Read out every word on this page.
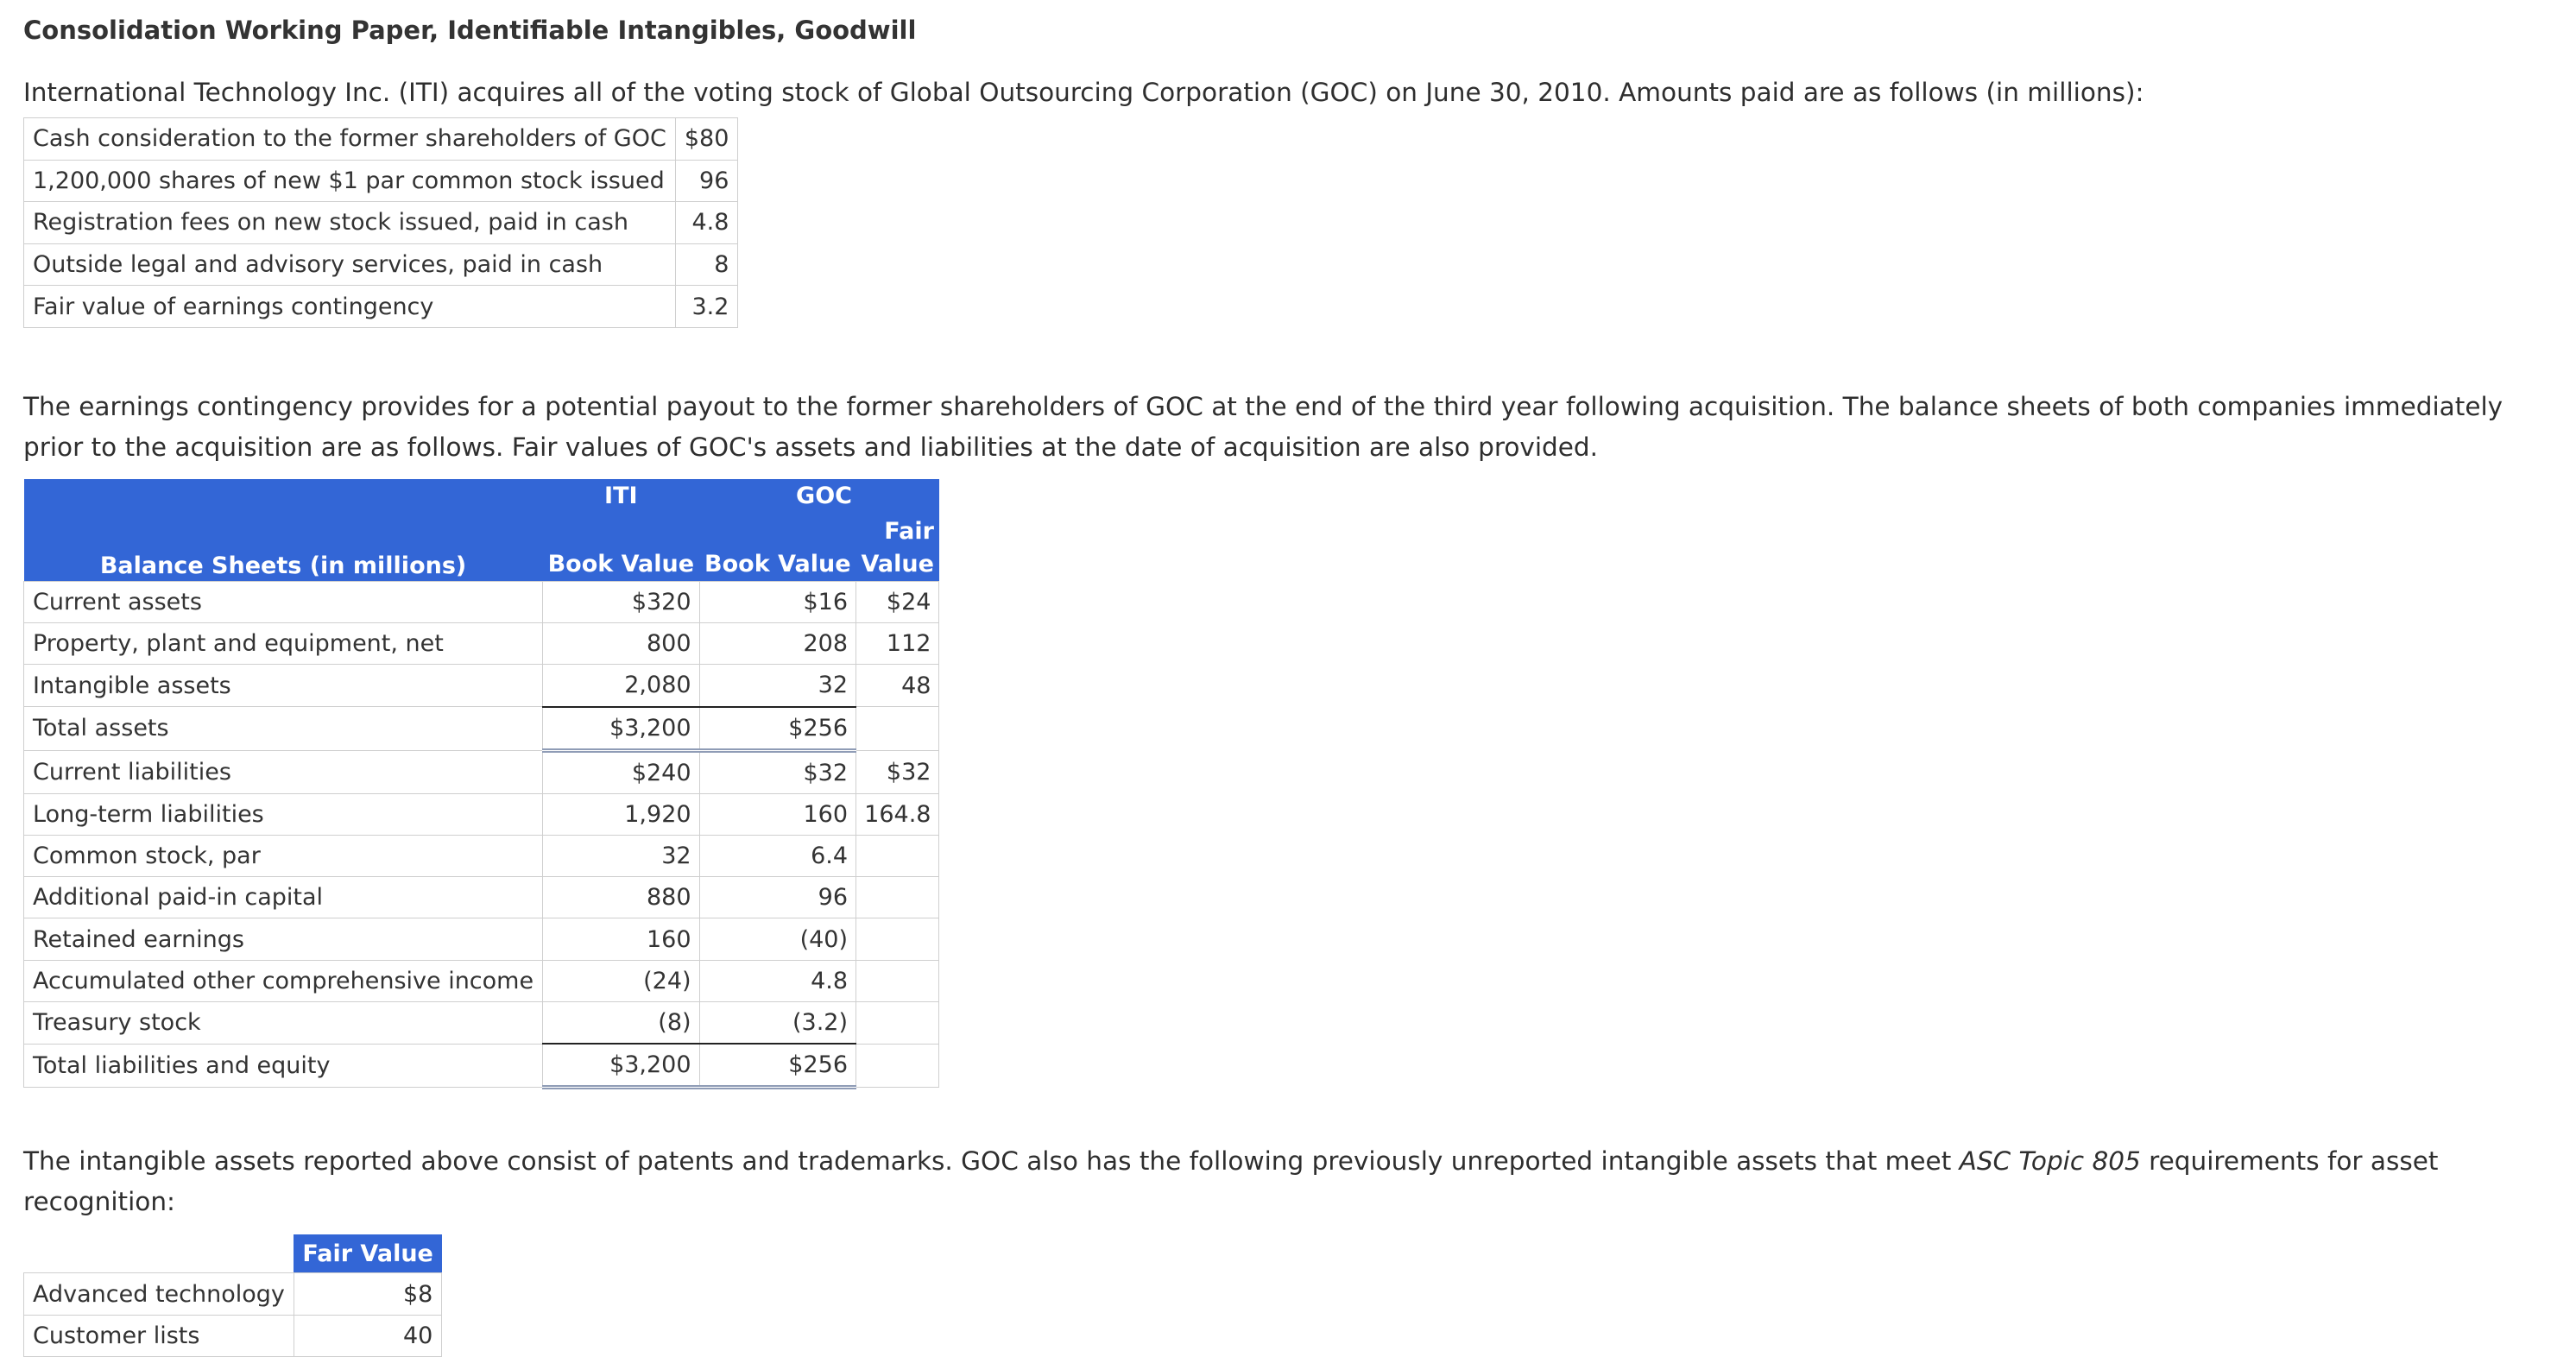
Consolidation Working Paper, Identifiable Intangibles, Goodwill

International Technology Inc. (ITI) acquires all of the voting stock of Global Outsourcing Corporation (GOC) on June 30, 2010. Amounts paid are as follows (in millions):

Cash consideration to the former shareholders of GOC	$80
1,200,000 shares of new $1 par common stock issued	96
Registration fees on new stock issued, paid in cash	4.8
Outside legal and advisory services, paid in cash	8
Fair value of earnings contingency	3.2

The earnings contingency provides for a potential payout to the former shareholders of GOC at the end of the third year following acquisition. The balance sheets of both companies immediately prior to the acquisition are as follows. Fair values of GOC's assets and liabilities at the date of acquisition are also provided.

Balance Sheets (in millions)	ITI	GOC	
			Fair
	Book Value	Book Value	Value
Current assets	$320	$16	$24
Property, plant and equipment, net	800	208	112
Intangible assets	2,080	32	48
Total assets	$3,200	$256	
Current liabilities	$240	$32	$32
Long-term liabilities	1,920	160	164.8
Common stock, par	32	6.4	
Additional paid-in capital	880	96	
Retained earnings	160	(40)	
Accumulated other comprehensive income	(24)	4.8	
Treasury stock	(8)	(3.2)	
Total liabilities and equity	$3,200	$256	

The intangible assets reported above consist of patents and trademarks. GOC also has the following previously unreported intangible assets that meet ASC Topic 805 requirements for asset recognition:

	Fair Value
Advanced technology	$8
Customer lists	40
